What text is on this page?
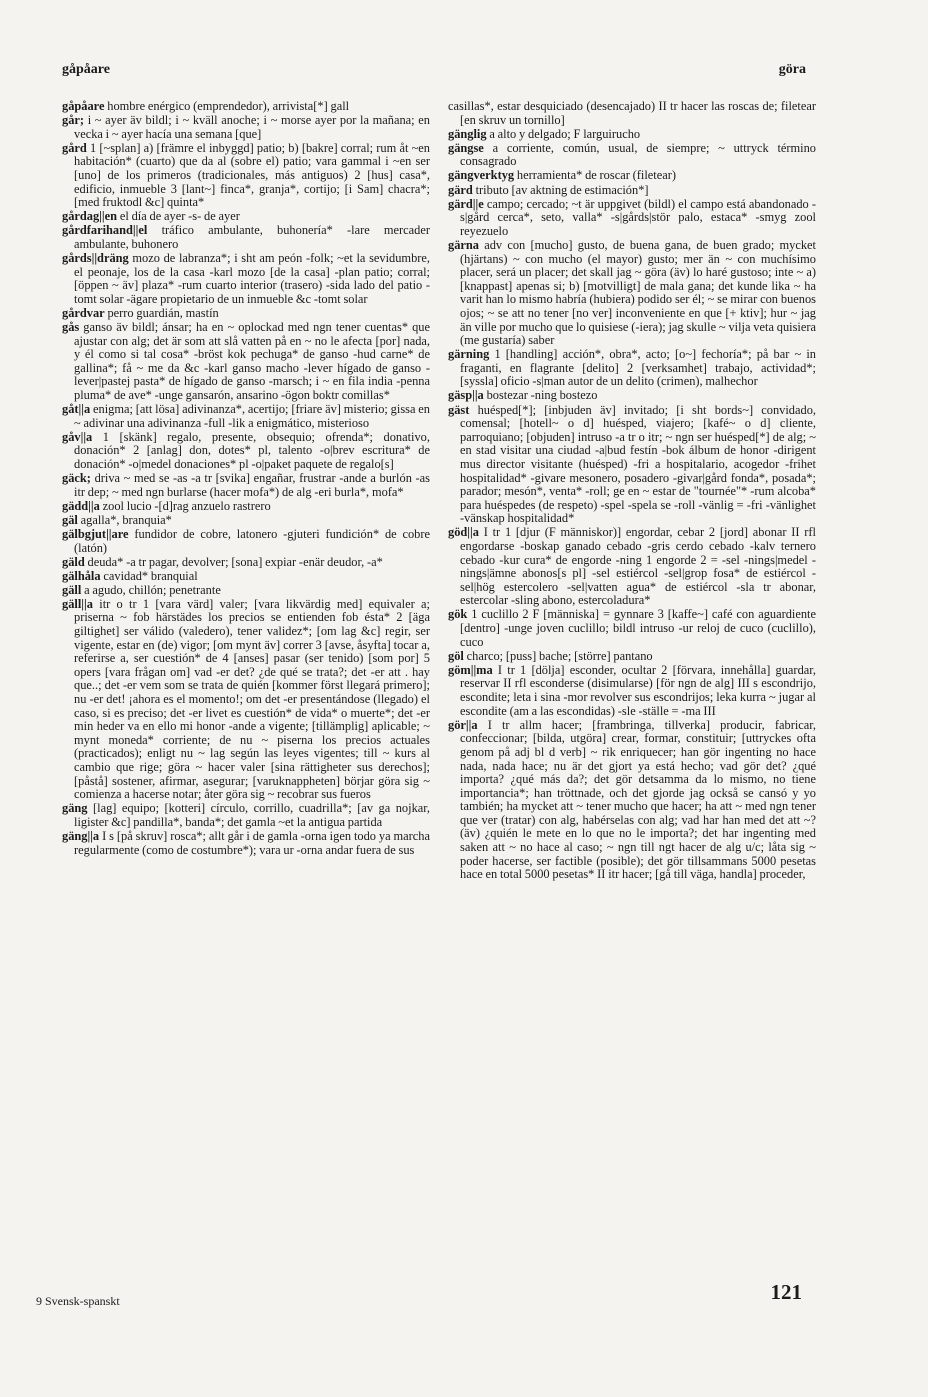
gåpåare	göra
gåpåare hombre enérgico (emprendedor), arrivista[*] gall
går; i ~ ayer äv bildl; i ~ kväll anoche; i ~ morse ayer por la mañana; en vecka i ~ ayer hacía una semana [que]
gård 1 [~splan] a) [främre el inbyggd] patio; b) [bakre] corral; rum åt ~en habitación* (cuarto) que da al (sobre el) patio; vara gammal i ~en ser [uno] de los primeros (tradicionales, más antiguos) 2 [hus] casa*, edificio, inmueble 3 [lant~] finca*, granja*, cortijo; [i Sam] chacra*; [med fruktodl &c] quinta*
gårdag||en el día de ayer -s- de ayer
gårdfarihand||el tráfico ambulante, buhonería* -lare mercader ambulante, buhonero
gårds||dräng mozo de labranza*; i sht am peón -folk; ~et la sevidumbre, el peonaje, los de la casa -karl mozo [de la casa] -plan patio; corral; [öppen ~ äv] plaza* -rum cuarto interior (trasero) -sida lado del patio -tomt solar -ägare propietario de un inmueble &c -tomt solar
gårdvar perro guardián, mastín
gås ganso äv bildl; ánsar; ha en ~ oplockad med ngn tener cuentas* que ajustar con alg; det är som att slå vatten på en ~ no le afecta [por] nada, y él como si tal cosa* -bröst kok pechuga* de ganso -hud carne* de gallina*; få ~ me da &c -karl ganso macho -lever hígado de ganso -lever|pastej pasta* de hígado de ganso -marsch; i ~ en fila india -penna pluma* de ave* -unge gansarón, ansarino -ögon boktr comillas*
gåt||a enigma; [att lösa] adivinanza*, acertijo; [friare äv] misterio; gissa en ~ adivinar una adivinanza -full -lik a enigmático, misterioso
gåv||a 1 [skänk] regalo, presente, obsequio; ofrenda*; donativo, donación* 2 [anlag] don, dotes* pl, talento -o|brev escritura* de donación* -o|medel donaciones* pl -o|paket paquete de regalo[s]
gäck; driva ~ med se -as -a tr [svika] engañar, frustrar -ande a burlón -as itr dep; ~ med ngn burlarse (hacer mofa*) de alg -eri burla*, mofa*
gädd||a zool lucio -[d]rag anzuelo rastrero
gäl agalla*, branquia*
gälbgjut||are fundidor de cobre, latonero -gjuteri fundición* de cobre (latón)
gäld deuda* -a tr pagar, devolver; [sona] expiar -enär deudor, -a*
gälhåla cavidad* branquial
gäll a agudo, chillón; penetrante
gäll||a itr o tr 1 [vara värd] valer; [vara likvärdig med] equivaler a; priserna ~ fob härstädes los precios se entienden fob ésta* 2 [äga giltighet] ser válido (valedero), tener validez*; [om lag &c] regir, ser vigente, estar en (de) vigor; [om mynt äv] correr 3 [avse, åsyfta] tocar a, referirse a, ser cuestión* de 4 [anses] pasar (ser tenido) [som por] 5 opers [vara frågan om] vad -er det? ¿de qué se trata?; det -er att . hay que..; det -er vem som se trata de quién [kommer först llegará primero]; nu -er det! ¡ahora es el momento!; om det -er presentándose (llegado) el caso, si es preciso; det -er livet es cuestión* de vida* o muerte*; det -er min heder va en ello mi honor -ande a vigente; [tillämplig] aplicable; ~ mynt moneda* corriente; de nu ~ piserna los precios actuales (practicados); enligt nu ~ lag según las leyes vigentes; till ~ kurs al cambio que rige; göra ~ hacer valer [sina rättigheter sus derechos]; [påstå] sostener, afirmar, asegurar; [varuknappheten] börjar göra sig ~ comienza a hacerse notar; åter göra sig ~ recobrar sus fueros
gäng [lag] equipo; [kotteri] círculo, corrillo, cuadrilla*; [av ga nojkar, ligister &c] pandilla*, banda*; det gamla ~et la antigua partida
gäng||a I s [på skruv] rosca*; allt går i de gamla -orna igen todo ya marcha regularmente (como de costumbre*); vara ur -orna andar fuera de sus
casillas*, estar desquiciado (desencajado) II tr hacer las roscas de; filetear [en skruv un tornillo]
gänglig a alto y delgado; F larguirucho
gängse a corriente, común, usual, de siempre; ~ uttryck término consagrado
gängverktyg herramienta* de roscar (filetear)
gärd tributo [av aktning de estimación*]
gärd||e campo; cercado; ~t är uppgivet (bildl) el campo está abandonado -s|gård cerca*, seto, valla* -s|gårds|stör palo, estaca* -smyg zool reyezuelo
gärna adv con [mucho] gusto, de buena gana, de buen grado; mycket (hjärtans) ~ con mucho (el mayor) gusto; mer än ~ con muchísimo placer, será un placer; det skall jag ~ göra (äv) lo haré gustoso; inte ~ a) [knappast] apenas si; b) [motvilligt] de mala gana; det kunde lika ~ ha varit han lo mismo habría (hubiera) podido ser él; ~ se mirar con buenos ojos; ~ se att no tener [no ver] inconveniente en que [+ ktiv]; hur ~ jag än ville por mucho que lo quisiese (-iera); jag skulle ~ vilja veta quisiera (me gustaría) saber
gärning 1 [handling] acción*, obra*, acto; [o~] fechoría*; på bar ~ in fraganti, en flagrante [delito] 2 [verksamhet] trabajo, actividad*; [syssla] oficio -s|man autor de un delito (crimen), malhechor
gäsp||a bostezar -ning bostezo
gäst huésped[*]; [inbjuden äv] invitado; [i sht bords~] convidado, comensal; [hotell~ o d] huésped, viajero; [kafé~ o d] cliente, parroquiano; [objuden] intruso -a tr o itr; ~ ngn ser huésped[*] de alg; ~ en stad visitar una ciudad -a|bud festín -bok álbum de honor -dirigent mus director visitante (huésped) -fri a hospitalario, acogedor -frihet hospitalidad* -givare mesonero, posadero -givar|gård fonda*, posada*; parador; mesón*, venta* -roll; ge en ~ estar de "tournée"* -rum alcoba* para huéspedes (de respeto) -spel -spela se -roll -vänlig = -fri -vänlighet -vänskap hospitalidad*
göd||a I tr 1 [djur (F människor)] engordar, cebar 2 [jord] abonar II rfl engordarse -boskap ganado cebado -gris cerdo cebado -kalv ternero cebado -kur cura* de engorde -ning 1 engorde 2 = -sel -nings|medel -nings|ämne abonos[s pl] -sel estiércol -sel|grop fosa* de estiércol -sel|hög estercolero -sel|vatten agua* de estiércol -sla tr abonar, estercolar -sling abono, estercoladura*
gök 1 cuclillo 2 F [människa] = gynnare 3 [kaffe~] café con aguardiente [dentro] -unge joven cuclillo; bildl intruso -ur reloj de cuco (cuclillo), cuco
göl charco; [puss] bache; [större] pantano
göm||ma I tr 1 [dölja] esconder, ocultar 2 [förvara, innehålla] guardar, reservar II rfl esconderse (disimularse) [för ngn de alg] III s escondrijo, escondite; leta i sina -mor revolver sus escondrijos; leka kurra ~ jugar al escondite (am a las escondidas) -sle -ställe = -ma III
gör||a I tr allm hacer; [frambringa, tillverka] producir, fabricar, confeccionar; [bilda, utgöra] crear, formar, constituir; [uttryckes ofta genom på adj bl d verb] ~ rik enriquecer; han gör ingenting no hace nada, nada hace; nu är det gjort ya está hecho; vad gör det? ¿qué importa? ¿qué más da?; det gör detsamma da lo mismo, no tiene importancia*; han tröttnade, och det gjorde jag också se cansó y yo también; ha mycket att ~ tener mucho que hacer; ha att ~ med ngn tener que ver (tratar) con alg, habérselas con alg; vad har han med det att ~? (äv) ¿quién le mete en lo que no le importa?; det har ingenting med saken att ~ no hace al caso; ~ ngn till ngt hacer de alg u/c; låta sig ~ poder hacerse, ser factible (posible); det gör tillsammans 5000 pesetas hace en total 5000 pesetas* II itr hacer; [gå till väga, handla] proceder,
9 Svensk-spanskt	121
